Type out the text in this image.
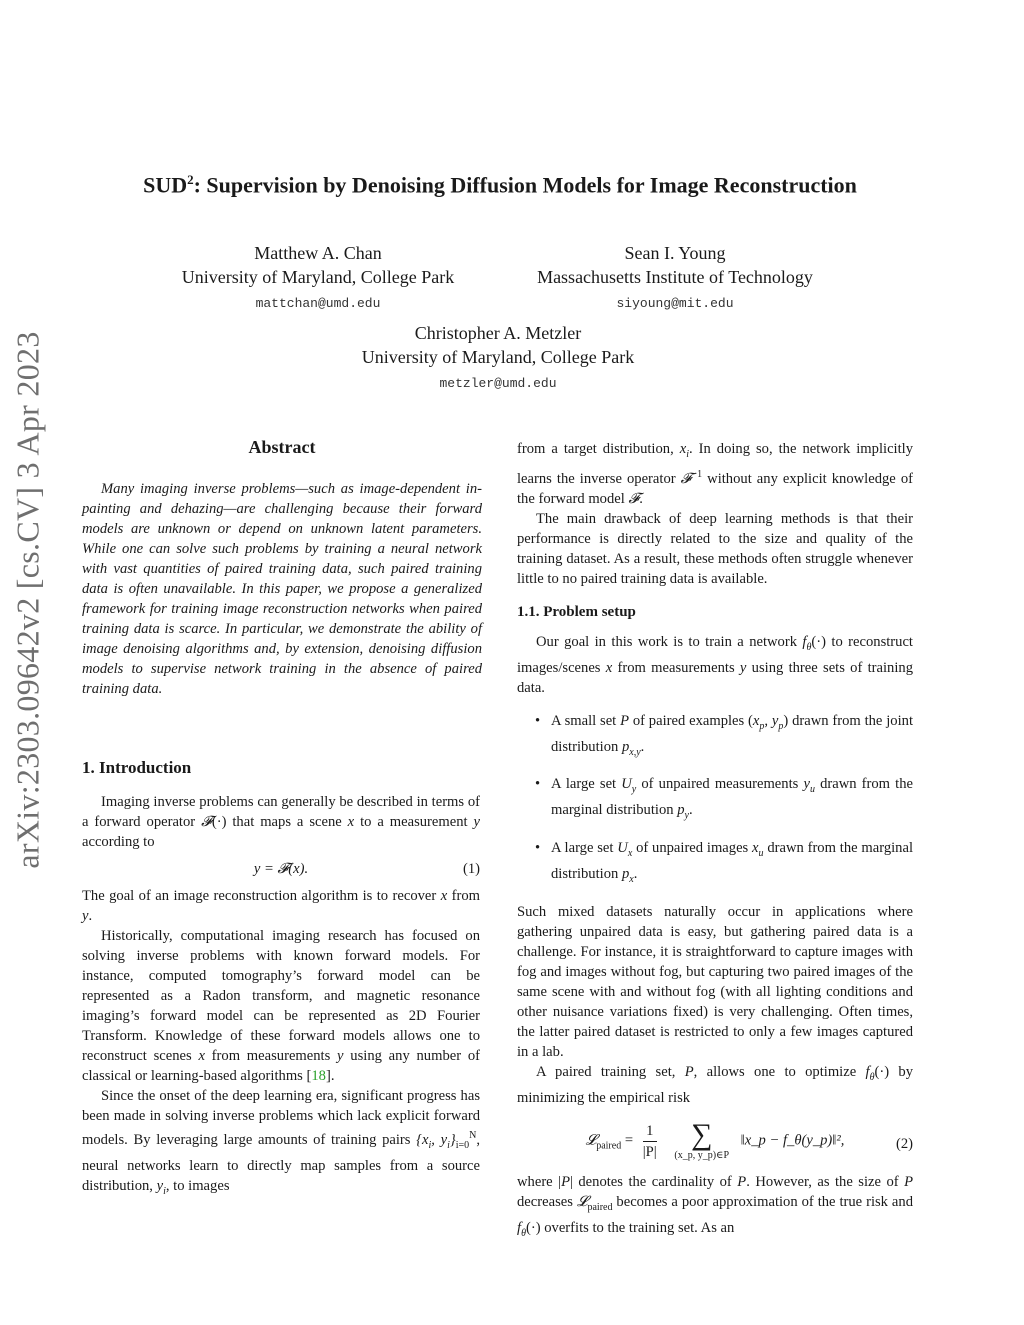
arXiv:2303.09642v2 [cs.CV] 3 Apr 2023
SUD$^2$: Supervision by Denoising Diffusion Models for Image Reconstruction
Matthew A. Chan
University of Maryland, College Park
mattchan@umd.edu
Sean I. Young
Massachusetts Institute of Technology
siyoung@mit.edu
Christopher A. Metzler
University of Maryland, College Park
metzler@umd.edu
Abstract

Many imaging inverse problems—such as image-dependent in-painting and dehazing—are challenging because their forward models are unknown or depend on unknown latent parameters. While one can solve such problems by training a neural network with vast quantities of paired training data, such paired training data is often unavailable. In this paper, we propose a generalized framework for training image reconstruction networks when paired training data is scarce. In particular, we demonstrate the ability of image denoising algorithms and, by extension, denoising diffusion models to supervise network training in the absence of paired training data.

1. Introduction

Imaging inverse problems can generally be described in terms of a forward operator 𝓕(·) that maps a scene x to a measurement y according to

y = 𝓕(x).	(1)

The goal of an image reconstruction algorithm is to recover x from y.

Historically, computational imaging research has focused on solving inverse problems with known forward models. For instance, computed tomography’s forward model can be represented as a Radon transform, and magnetic resonance imaging’s forward model can be represented as 2D Fourier Transform. Knowledge of these forward models allows one to reconstruct scenes x from measurements y using any number of classical or learning-based algorithms [18].

Since the onset of the deep learning era, significant progress has been made in solving inverse problems which lack explicit forward models. By leveraging large amounts of training pairs {$x_i$, $y_i\}_{i=0}^N$, neural networks learn to directly map samples from a source distribution, $y_i$, to images

from a target distribution, $x_i$. In doing so, the network implicitly learns the inverse operator 𝓕$^{-1}$ without any explicit knowledge of the forward model 𝓕.

The main drawback of deep learning methods is that their performance is directly related to the size and quality of the training dataset. As a result, these methods often struggle whenever little to no paired training data is available.

1.1. Problem setup

Our goal in this work is to train a network $f_\theta(\cdot)$ to reconstruct images/scenes x from measurements y using three sets of training data.

• A small set P of paired examples ($x_p$, $y_p$) drawn from the joint distribution $p_{x,y}$.
• A large set $U_y$ of unpaired measurements $y_u$ drawn from the marginal distribution $p_y$.
• A large set $U_x$ of unpaired images $x_u$ drawn from the marginal distribution $p_x$.

Such mixed datasets naturally occur in applications where gathering unpaired data is easy, but gathering paired data is a challenge. For instance, it is straightforward to capture images with fog and images without fog, but capturing two paired images of the same scene with and without fog (with all lighting conditions and other nuisance variations fixed) is very challenging. Often times, the latter paired dataset is restricted to only a few images captured in a lab.

A paired training set, P, allows one to optimize $f_\theta(\cdot)$ by minimizing the empirical risk

𝓛$_{paired}$ = $\frac{1}{|P|}$
	∑
(x_p, y_p)∈P
‖x_p − f_θ(y_p)‖²,	(2)

where |P| denotes the cardinality of P. However, as the size of P decreases 𝓛$_{paired}$ becomes a poor approximation of the true risk and $f_\theta(\cdot)$ overfits to the training set. As an
